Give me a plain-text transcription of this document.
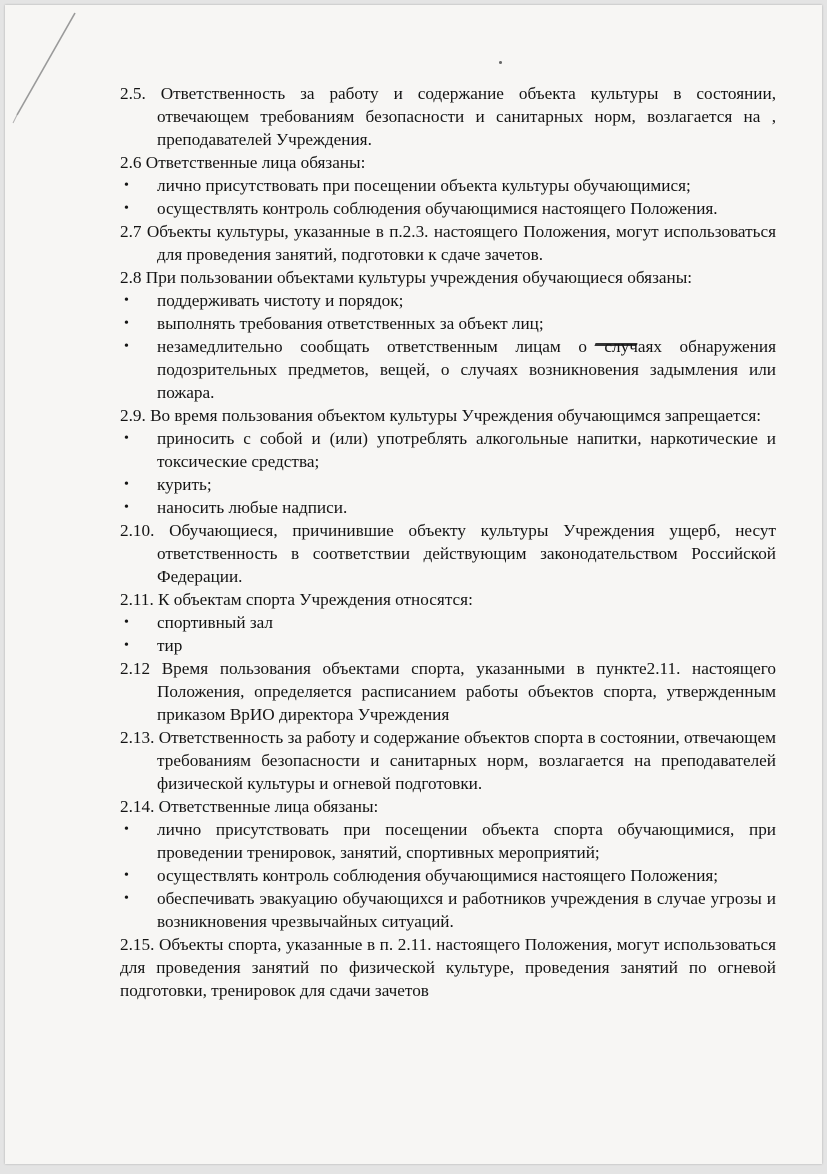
2.5. Ответственность за работу и содержание объекта культуры в состоянии, отвечающем требованиям безопасности и санитарных норм, возлагается на , преподавателей Учреждения.

2.6 Ответственные лица обязаны:

• лично присутствовать при посещении объекта культуры обучающимися;
• осуществлять контроль соблюдения обучающимися настоящего Положения.

2.7 Объекты культуры, указанные в п.2.3. настоящего Положения, могут использоваться для проведения занятий, подготовки к сдаче зачетов.

2.8 При пользовании объектами культуры учреждения обучающиеся обязаны:

• поддерживать чистоту и порядок;
• выполнять требования ответственных за объект лиц;
• незамедлительно сообщать ответственным лицам о случаях обнаружения подозрительных предметов, вещей, о случаях возникновения задымления или пожара.

2.9. Во время пользования объектом культуры Учреждения обучающимся запрещается:

• приносить с собой и (или) употреблять алкогольные напитки, наркотические и токсические средства;
• курить;
• наносить любые надписи.

2.10. Обучающиеся, причинившие объекту культуры Учреждения ущерб, несут ответственность в соответствии действующим законодательством Российской Федерации.

2.11. К объектам спорта Учреждения относятся:

• спортивный зал
• тир

2.12 Время пользования объектами спорта, указанными в пункте2.11. настоящего Положения, определяется расписанием работы объектов спорта, утвержденным приказом ВрИО директора Учреждения

2.13. Ответственность за работу и содержание объектов спорта в состоянии, отвечающем требованиям безопасности и санитарных норм, возлагается на преподавателей физической культуры и огневой подготовки.

2.14. Ответственные лица обязаны:

• лично присутствовать при посещении объекта спорта обучающимися, при проведении тренировок, занятий, спортивных мероприятий;
• осуществлять контроль соблюдения обучающимися настоящего Положения;
• обеспечивать эвакуацию обучающихся и работников учреждения в случае угрозы и возникновения чрезвычайных ситуаций.

2.15. Объекты спорта, указанные в п. 2.11. настоящего Положения, могут использоваться для проведения занятий по физической культуре, проведения занятий по огневой подготовки, тренировок для сдачи зачетов
